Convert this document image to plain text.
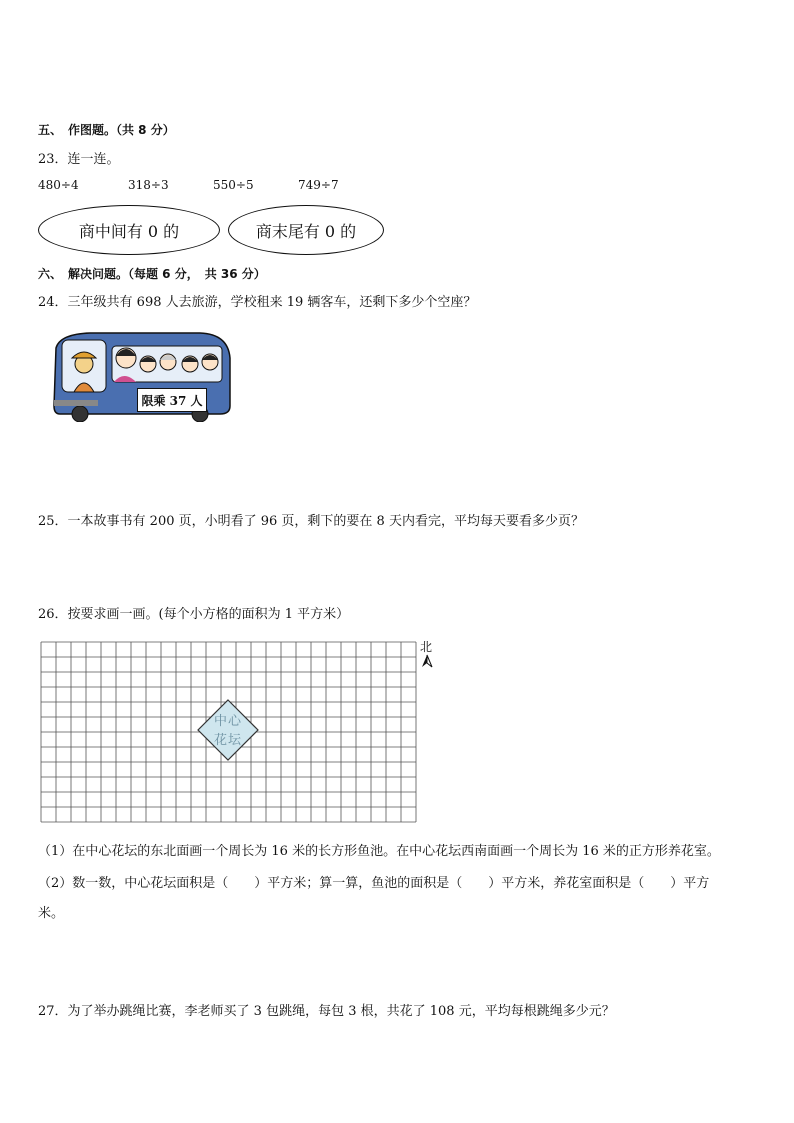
五、　作图题。（共 8 分）
23．连一连。
480÷4	318÷3	550÷5	749÷7
商中间有 0 的	商末尾有 0 的
六、　解决问题。（每题 6 分，　共 36 分）
24．三年级共有 698 人去旅游，学校租来 19 辆客车，还剩下多少个空座？
限乘 37 人
25．一本故事书有 200 页，小明看了 96 页，剩下的要在 8 天内看完，平均每天要看多少页？
26．按要求画一画。(每个小方格的面积为 1 平方米）
中心
花坛
北
（1）在中心花坛的东北面画一个周长为 16 米的长方形鱼池。在中心花坛西南面画一个周长为 16 米的正方形养花室。
（2）数一数，中心花坛面积是（　　）平方米；算一算，鱼池的面积是（　　）平方米，养花室面积是（　　）平方
米。
27．为了举办跳绳比赛，李老师买了 3 包跳绳，每包 3 根，共花了 108 元，平均每根跳绳多少元？
